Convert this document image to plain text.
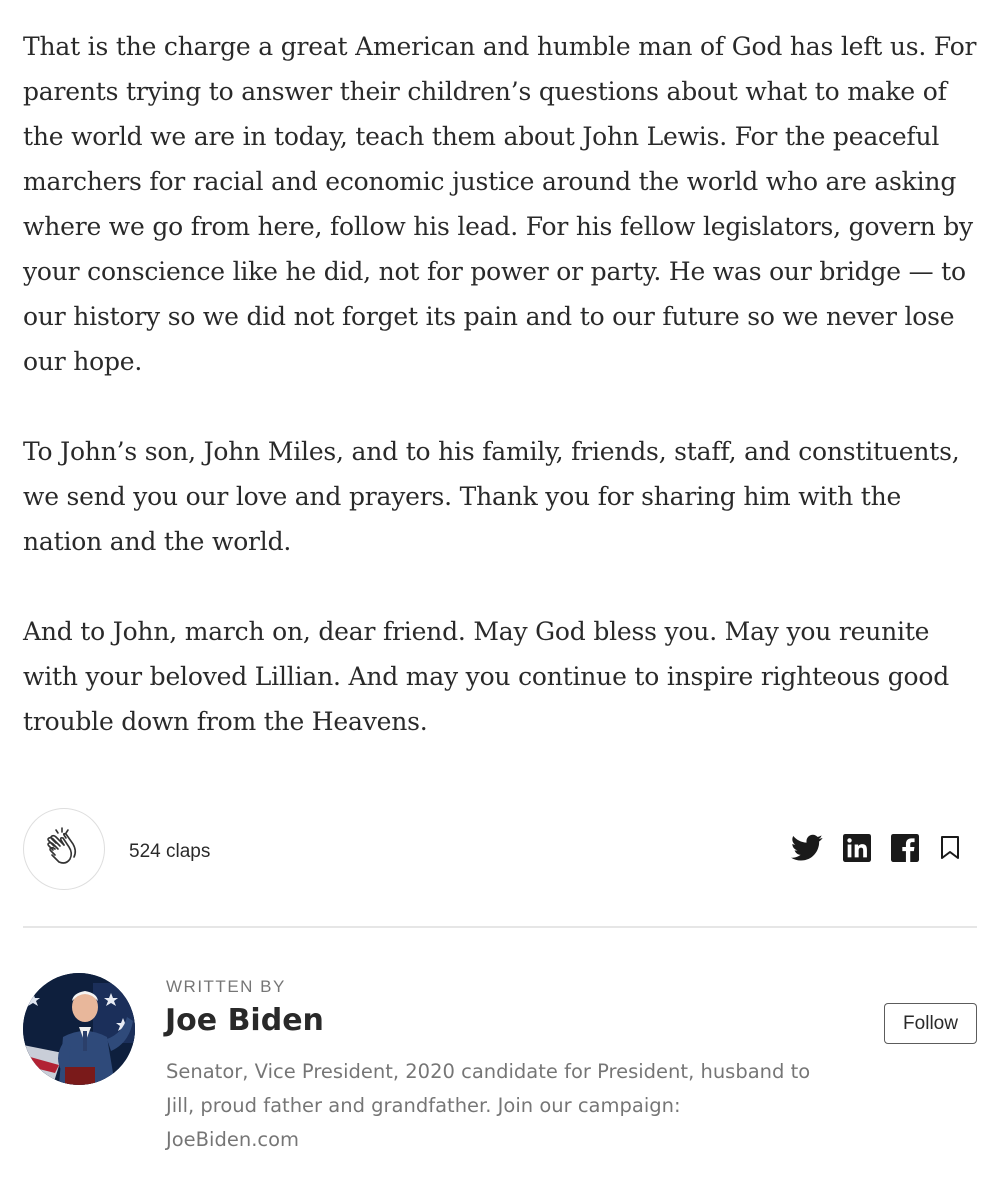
That is the charge a great American and humble man of God has left us. For parents trying to answer their children’s questions about what to make of the world we are in today, teach them about John Lewis. For the peaceful marchers for racial and economic justice around the world who are asking where we go from here, follow his lead. For his fellow legislators, govern by your conscience like he did, not for power or party. He was our bridge — to our history so we did not forget its pain and to our future so we never lose our hope.

To John’s son, John Miles, and to his family, friends, staff, and constituents, we send you our love and prayers. Thank you for sharing him with the nation and the world.

And to John, march on, dear friend. May God bless you. May you reunite with your beloved Lillian. And may you continue to inspire righteous good trouble down from the Heavens.

524 claps
WRITTEN BY
Joe Biden
Senator, Vice President, 2020 candidate for President, husband to Jill, proud father and grandfather. Join our campaign: JoeBiden.com
Follow
